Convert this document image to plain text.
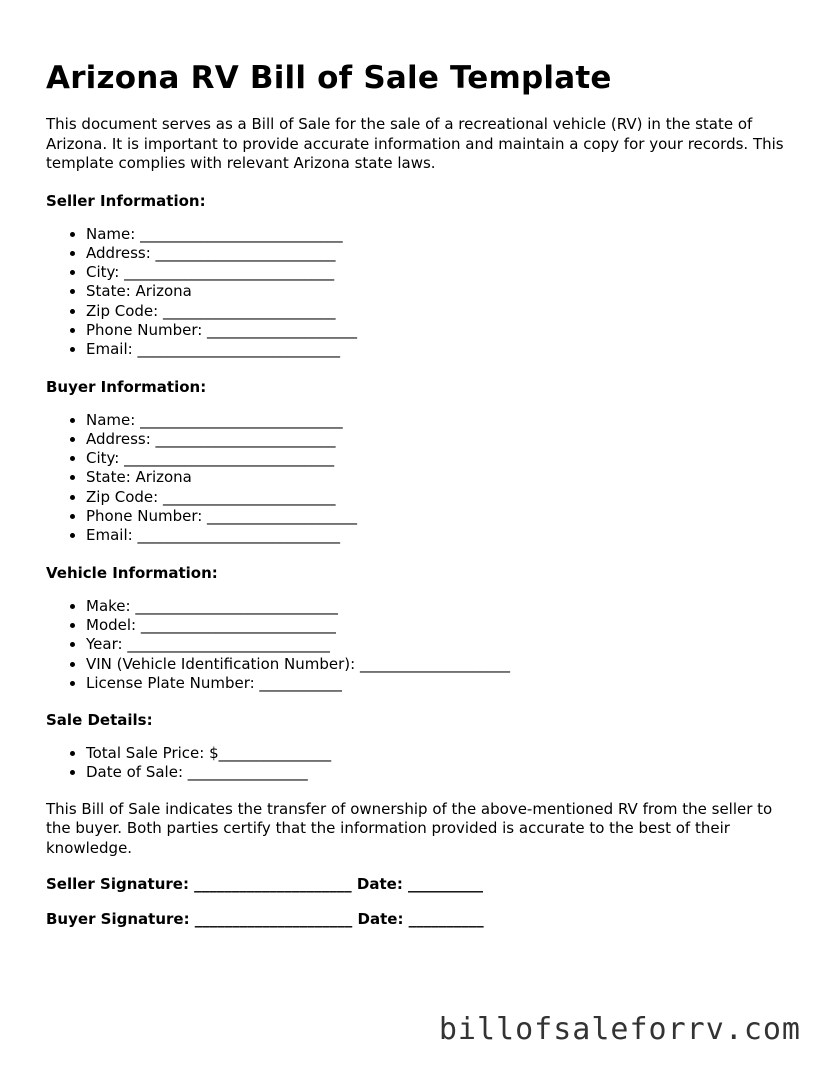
Arizona RV Bill of Sale Template

This document serves as a Bill of Sale for the sale of a recreational vehicle (RV) in the state of Arizona. It is important to provide accurate information and maintain a copy for your records. This template complies with relevant Arizona state laws.

Seller Information:
• Name: ___________________________
• Address: ________________________
• City: ____________________________
• State: Arizona
• Zip Code: _______________________
• Phone Number: ____________________
• Email: ___________________________
Buyer Information:
• Name: ___________________________
• Address: ________________________
• City: ____________________________
• State: Arizona
• Zip Code: _______________________
• Phone Number: ____________________
• Email: ___________________________
Vehicle Information:
• Make: ___________________________
• Model: __________________________
• Year: ___________________________
• VIN (Vehicle Identification Number): ____________________
• License Plate Number: ___________
Sale Details:
• Total Sale Price: $_______________
• Date of Sale: ________________

This Bill of Sale indicates the transfer of ownership of the above-mentioned RV from the seller to the buyer. Both parties certify that the information provided is accurate to the best of their knowledge.

Seller Signature: _____________________ Date: __________

Buyer Signature: _____________________ Date: __________

billofsaleforrv.com
